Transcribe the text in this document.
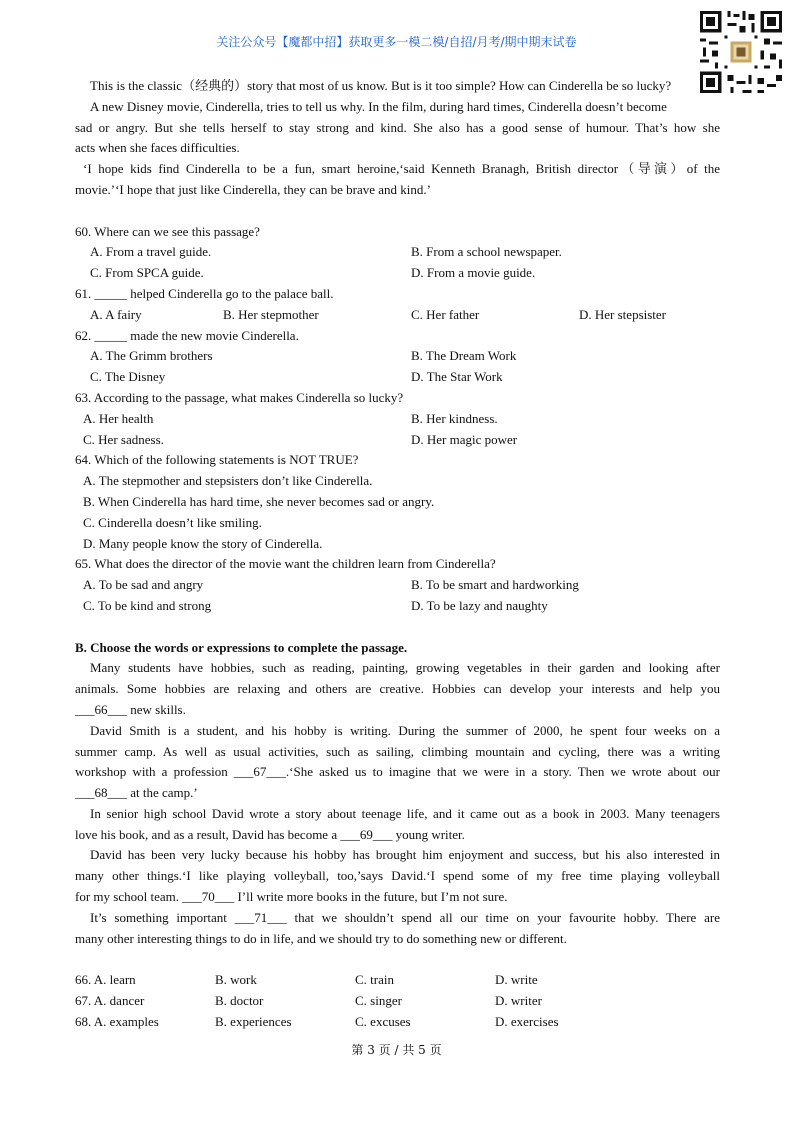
关注公众号【魔都中招】获取更多一模二模/自招/月考/期中期末试卷
This is the classic（经典的）story that most of us know. But is it too simple? How can Cinderella be so lucky?
A new Disney movie, Cinderella, tries to tell us why. In the film, during hard times, Cinderella doesn’t become
sad or angry. But she tells herself to stay strong and kind. She also has a good sense of humour. That’s how she
acts when she faces difficulties.
‘I hope kids find Cinderella to be a fun, smart heroine,‘said Kenneth Branagh, British director（导演）of the
movie.’‘I hope that just like Cinderella, they can be brave and kind.’
60. Where can we see this passage?
A. From a travel guide.	B. From a school newspaper.
C. From SPCA guide.	D. From a movie guide.
61. _____ helped Cinderella go to the palace ball.
A. A fairy	B. Her stepmother	C. Her father	D. Her stepsister
62. _____ made the new movie Cinderella.
A. The Grimm brothers	B. The Dream Work
C. The Disney	D. The Star Work
63. According to the passage, what makes Cinderella so lucky?
A. Her health	B. Her kindness.
C. Her sadness.	D. Her magic power
64. Which of the following statements is NOT TRUE?
A. The stepmother and stepsisters don’t like Cinderella.
B. When Cinderella has hard time, she never becomes sad or angry.
C. Cinderella doesn’t like smiling.
D. Many people know the story of Cinderella.
65. What does the director of the movie want the children learn from Cinderella?
A. To be sad and angry	B. To be smart and hardworking
C. To be kind and strong	D. To be lazy and naughty
B. Choose the words or expressions to complete the passage.
Many students have hobbies, such as reading, painting, growing vegetables in their garden and looking after
animals. Some hobbies are relaxing and others are creative. Hobbies can develop your interests and help you
___66___ new skills.
David Smith is a student, and his hobby is writing. During the summer of 2000, he spent four weeks on a
summer camp. As well as usual activities, such as sailing, climbing mountain and cycling, there was a writing
workshop with a profession ___67___.‘She asked us to imagine that we were in a story. Then we wrote about our
___68___ at the camp.’
In senior high school David wrote a story about teenage life, and it came out as a book in 2003. Many teenagers
love his book, and as a result, David has become a ___69___ young writer.
David has been very lucky because his hobby has brought him enjoyment and success, but his also interested in
many other things.‘I like playing volleyball, too,’says David.‘I spend some of my free time playing volleyball
for my school team. ___70___ I’ll write more books in the future, but I’m not sure.
It’s something important ___71___ that we shouldn’t spend all our time on your favourite hobby. There are
many other interesting things to do in life, and we should try to do something new or different.
66. A. learn	B. work	C. train	D. write
67. A. dancer	B. doctor	C. singer	D. writer
68. A. examples	B. experiences	C. excuses	D. exercises
第 3 页 / 共 5 页
